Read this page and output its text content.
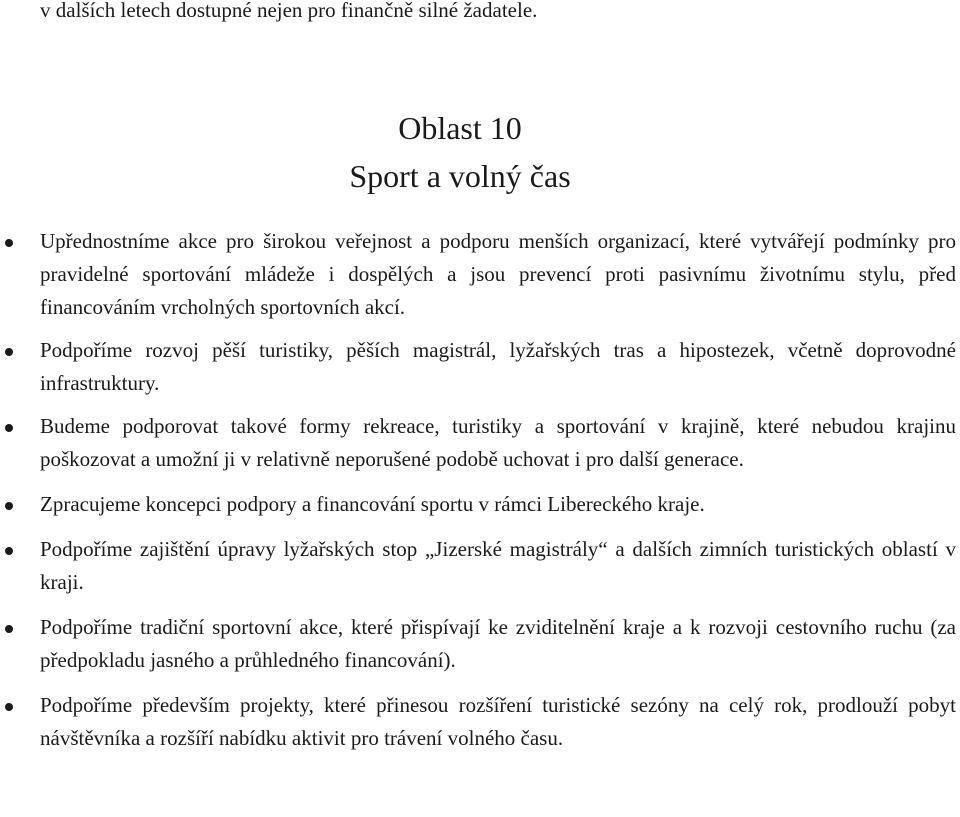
v dalších letech dostupné nejen pro finančně silné žadatele.
Oblast 10
Sport a volný čas
Upřednostníme akce pro širokou veřejnost a podporu menších organizací, které vytvářejí podmínky pro pravidelné sportování mládeže i dospělých a jsou prevencí proti pasivnímu životnímu stylu, před financováním vrcholných sportovních akcí.
Podpoříme rozvoj pěší turistiky, pěších magistrál, lyžařských tras a hipostezek, včetně doprovodné infrastruktury.
Budeme podporovat takové formy rekreace, turistiky a sportování v krajině, které nebudou krajinu poškozovat a umožní ji v relativně neporušené podobě uchovat i pro další generace.
Zpracujeme koncepci podpory a financování sportu v rámci Libereckého kraje.
Podpoříme zajištění úpravy lyžařských stop „Jizerské magistrály“ a dalších zimních turistických oblastí v kraji.
Podpoříme tradiční sportovní akce, které přispívají ke zviditelnění kraje a k rozvoji cestovního ruchu (za předpokladu jasného a průhledného financování).
Podpoříme především projekty, které přinesou rozšíření turistické sezóny na celý rok, prodlouží pobyt návštěvníka a rozšíří nabídku aktivit pro trávení volného času.
